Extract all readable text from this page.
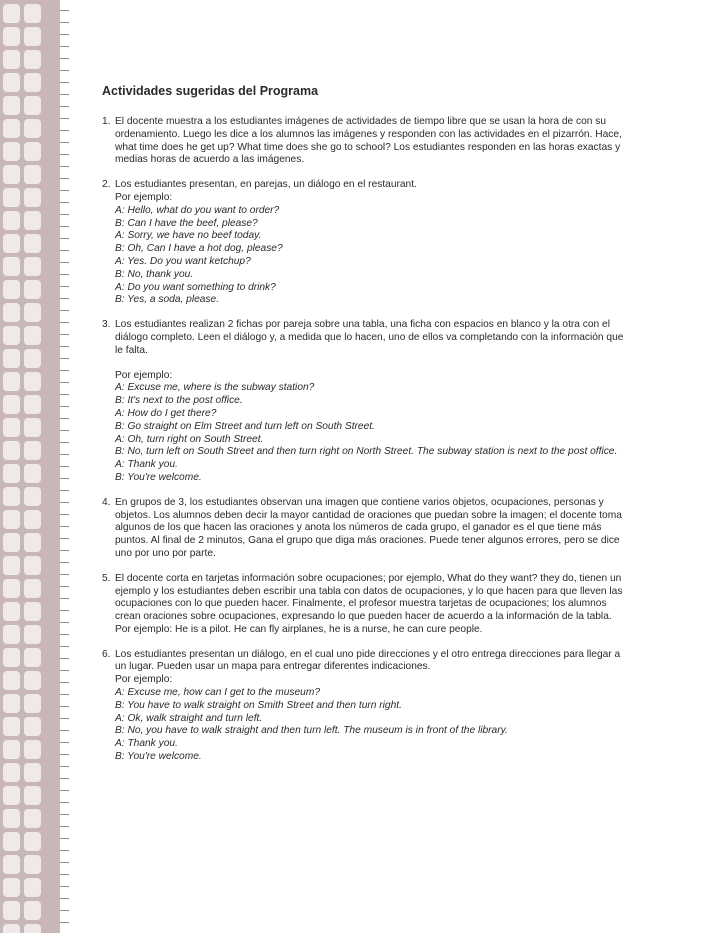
Actividades sugeridas del Programa
1. El docente muestra a los estudiantes imágenes de actividades de tiempo libre que se usan la hora de con su ordenamiento. Luego les dice a los alumnos las imágenes y responden con las actividades en el pizarrón. Hace, what time does he get up? What time does she go to school? Los estudiantes responden en las horas exactas y medias horas de acuerdo a las imágenes.

2. Los estudiantes presentan, en parejas, un diálogo en el restaurant.

Por ejemplo:
A: Hello, what do you want to order?
B: Can I have the beef, please?
A: Sorry, we have no beef today.
B: Oh, Can I have a hot dog, please?
A: Yes. Do you want ketchup?
B: No, thank you.
A: Do you want something to drink?
B: Yes, a soda, please.
3. Los estudiantes realizan 2 fichas por pareja sobre una tabla, una ficha con espacios en blanco y la otra con el diálogo completo. Leen el diálogo y, a medida que lo hacen, uno de ellos va completando con la información que le falta.

Por ejemplo:
A: Excuse me, where is the subway station?
B: It's next to the post office.
A: How do I get there?
B: Go straight on Elm Street and turn left on South Street.
A: Oh, turn right on South Street.
B: No, turn left on South Street and then turn right on North Street. The subway station is next to the post office.
A: Thank you.
B: You're welcome.
4. En grupos de 3, los estudiantes observan una imagen que contiene varios objetos, ocupaciones, personas y objetos. Los alumnos deben decir la mayor cantidad de oraciones que puedan sobre la imagen; el docente toma algunos de los que hacen las oraciones y anota los números de cada grupo, el ganador es el que tiene más puntos. Al final de 2 minutos, Gana el grupo que diga más oraciones. Puede tener algunos errores, pero se dice uno por uno por parte.

5. El docente corta en tarjetas información sobre ocupaciones; por ejemplo, What do they want? they do, tienen un ejemplo y los estudiantes deben escribir una tabla con datos de ocupaciones, y lo que hacen para que lleven las ocupaciones con lo que pueden hacer. Finalmente, el profesor muestra tarjetas de ocupaciones; los alumnos crean oraciones sobre ocupaciones, expresando lo que pueden hacer de acuerdo a la información de la tabla. Por ejemplo: He is a pilot. He can fly airplanes, he is a nurse, he can cure people.

6. Los estudiantes presentan un diálogo, en el cual uno pide direcciones y el otro entrega direcciones para llegar a un lugar. Pueden usar un mapa para entregar diferentes indicaciones.

Por ejemplo:
A: Excuse me, how can I get to the museum?
B: You have to walk straight on Smith Street and then turn right.
A: Ok, walk straight and turn left.
B: No, you have to walk straight and then turn left. The museum is in front of the library.
A: Thank you.
B: You're welcome.
